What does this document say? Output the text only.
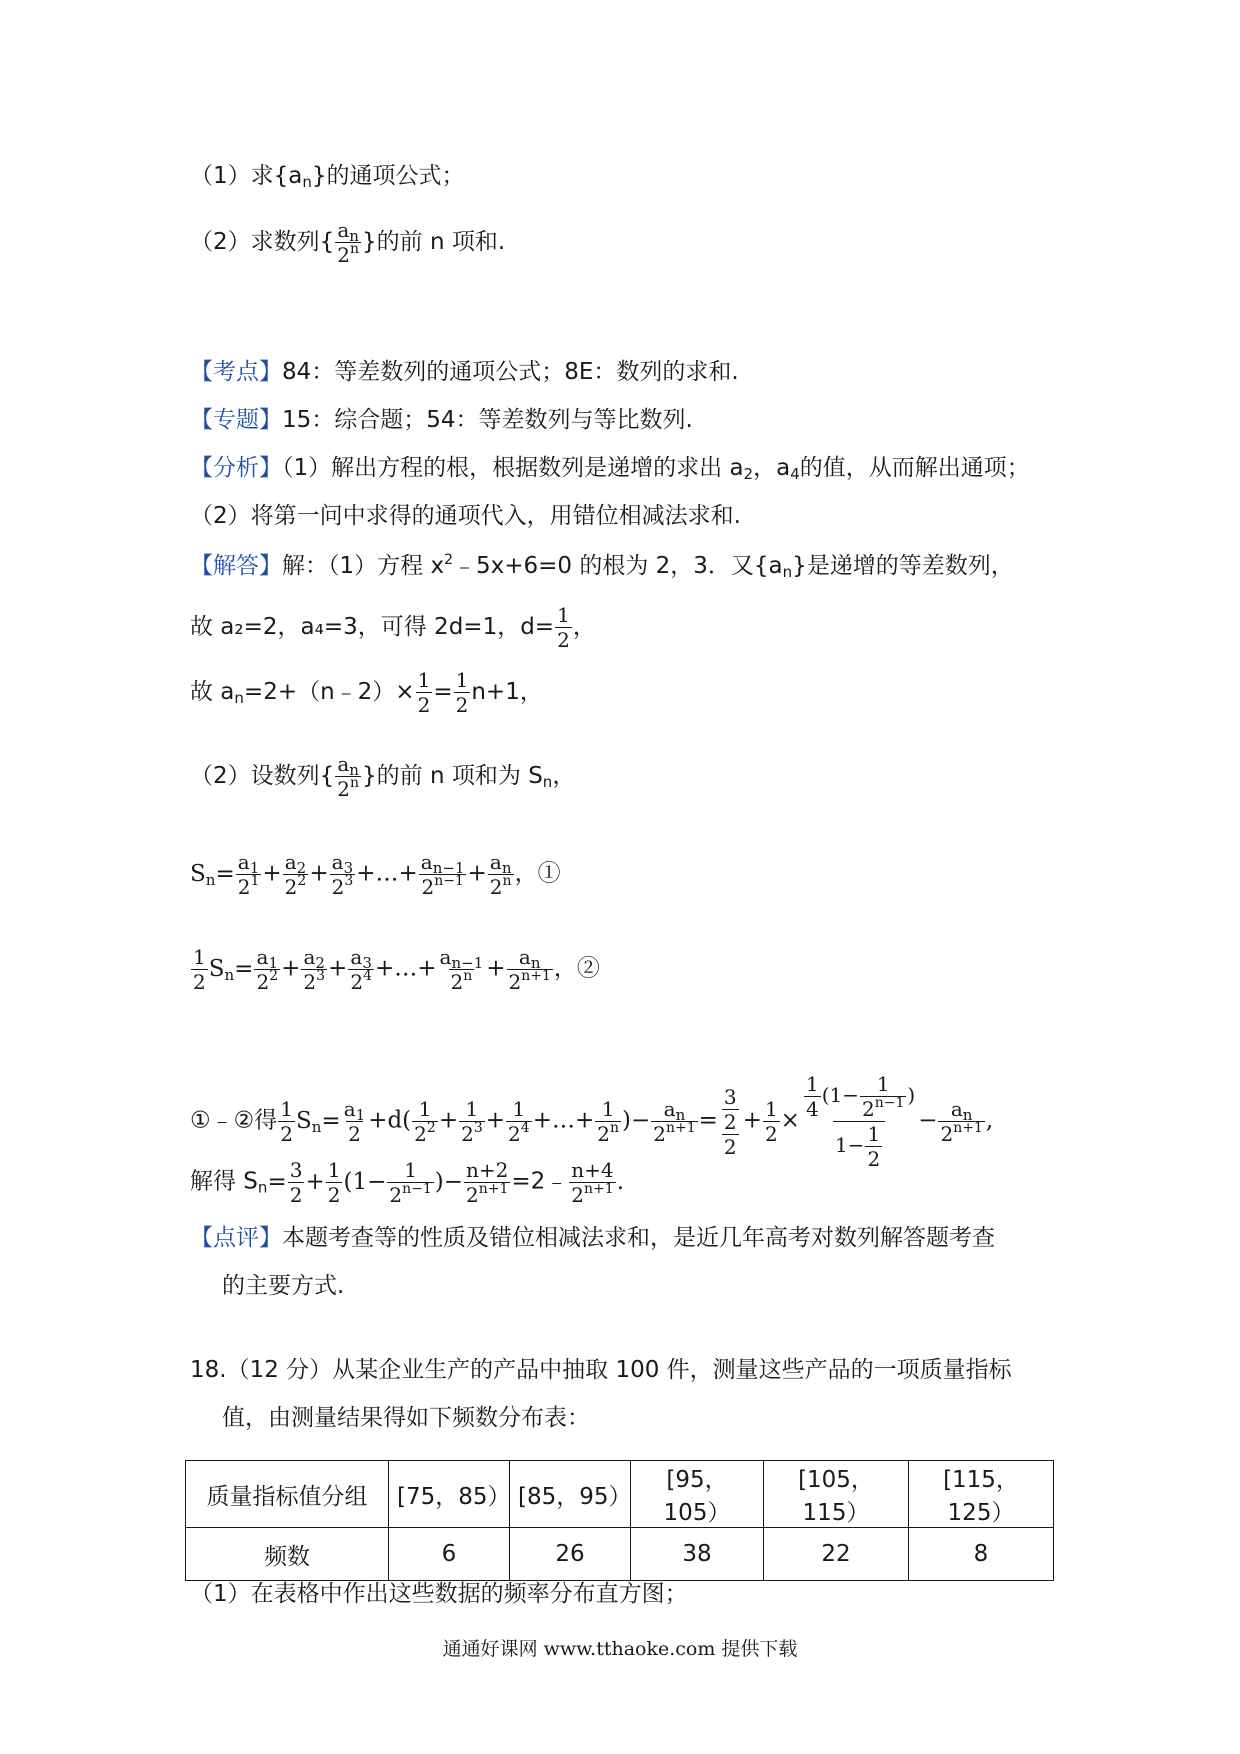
（1）求$\{a_n\}$的通项公式；
（2）求数列{ $\frac{a_n}{2^n}$ }的前 n 项和.
【考点】84：等差数列的通项公式；8E：数列的求和.
【专题】15：综合题；54：等差数列与等比数列.
【分析】（1）解出方程的根，根据数列是递增的求出 $a_2$，$a_4$的值，从而解出通项；
（2）将第一问中求得的通项代入，用错位相减法求和.
【解答】解：（1）方程 $x^2﹣5x+6=0$ 的根为 2，3．又$\{a_n\}$是递增的等差数列，
故 a₂=2，a₄=3，可得 2d=1，$d= \frac{1}{2}$ ，
故 $a_n=2+(n﹣2)\times \frac{1}{2} = \frac{1}{2} n+1$，
（2）设数列{ $\frac{a_n}{2^n}$ }的前 n 项和为 $S_n$，
$S_n= \frac{a_1}{2^1} + \frac{a_2}{2^2} + \frac{a_3}{2^3}$ +…+ $\frac{a_{n-1}}{2^{n-1}} + \frac{a_n}{2^n}$ ，①
$\frac{1}{2} S_n= \frac{a_1}{2^2} + \frac{a_2}{2^3} + \frac{a_3}{2^4}$ +…+ $\frac{a_{n-1}}{2^n} + \frac{a_n}{2^{n+1}}$ ，②
①﹣②得 $\frac{1}{2} S_n= \frac{a_1}{2} +d( \frac{1}{2^2} + \frac{1}{2^3} + \frac{1}{2^4}$ +…+ $\frac{1}{2^n}$ )− $\frac{a_n}{2^{n+1}} = \frac{\frac{3}{2}}{2} + \frac{1}{2} \times \frac{\frac{1}{4} (1- \frac{1}{2^{n-1}} )}{1- \frac{1}{2}} - \frac{a_n}{2^{n+1}}$ ,
解得 $S_n= \frac{3}{2} + \frac{1}{2} (1- \frac{1}{2^{n-1}}$ )− $\frac{n+2}{2^{n+1}}$ =2﹣ $\frac{n+4}{2^{n+1}}$ .
【点评】本题考查等的性质及错位相减法求和，是近几年高考对数列解答题考查
的主要方式.
18.（12 分）从某企业生产的产品中抽取 100 件，测量这些产品的一项质量指标
值，由测量结果得如下频数分布表：
质量指标值分组	[75，85）	[85，95）	[95，105）	[105，115）	[115，125）
频数	6	26	38	22	8
（1）在表格中作出这些数据的频率分布直方图；
通通好课网 www.tthaoke.com 提供下载
